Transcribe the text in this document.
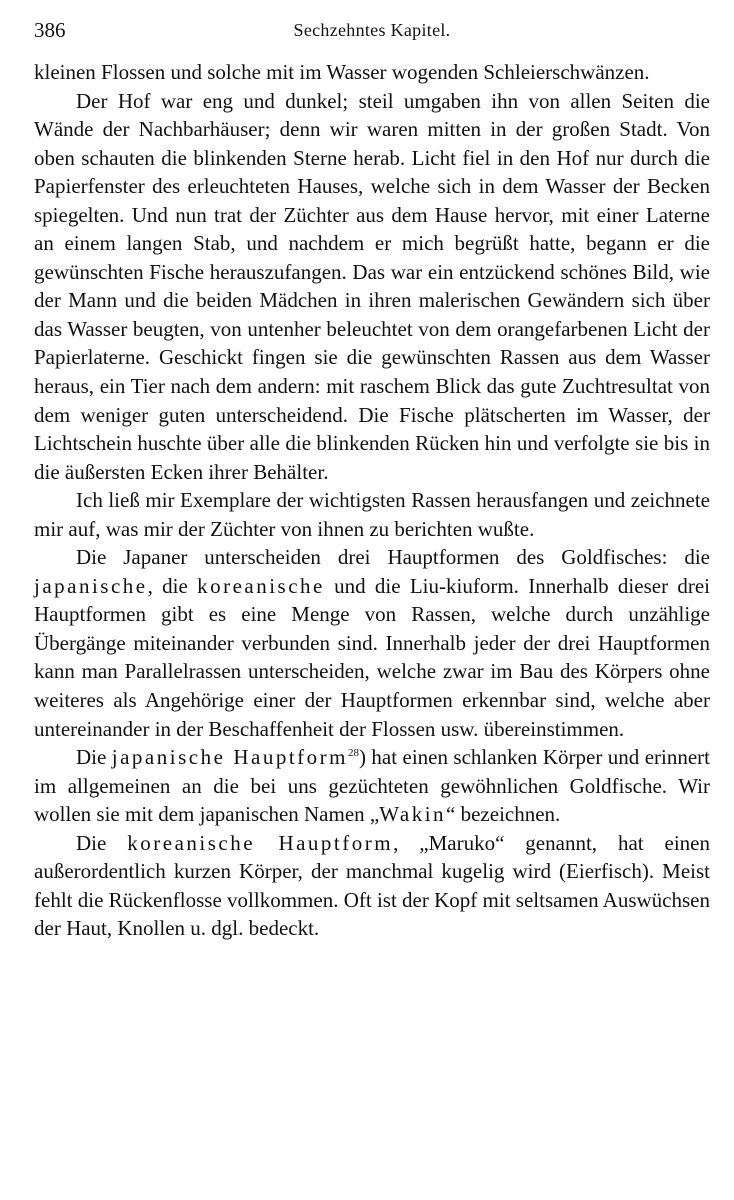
386	Sechzehntes Kapitel.

kleinen Flossen und solche mit im Wasser wogenden Schleierschwänzen.

Der Hof war eng und dunkel; steil umgaben ihn von allen Seiten die Wände der Nachbarhäuser; denn wir waren mitten in der großen Stadt. Von oben schauten die blinkenden Sterne herab. Licht fiel in den Hof nur durch die Papierfenster des erleuchteten Hauses, welche sich in dem Wasser der Becken spiegelten. Und nun trat der Züchter aus dem Hause hervor, mit einer Laterne an einem langen Stab, und nachdem er mich begrüßt hatte, begann er die gewünschten Fische herauszufangen. Das war ein entzückend schönes Bild, wie der Mann und die beiden Mädchen in ihren malerischen Gewändern sich über das Wasser beugten, von untenher beleuchtet von dem orangefarbenen Licht der Papierlaterne. Geschickt fingen sie die gewünschten Rassen aus dem Wasser heraus, ein Tier nach dem andern: mit raschem Blick das gute Zuchtresultat von dem weniger guten unterscheidend. Die Fische plätscherten im Wasser, der Lichtschein huschte über alle die blinkenden Rücken hin und verfolgte sie bis in die äußersten Ecken ihrer Behälter.

Ich ließ mir Exemplare der wichtigsten Rassen herausfangen und zeichnete mir auf, was mir der Züchter von ihnen zu berichten wußte.

Die Japaner unterscheiden drei Hauptformen des Goldfisches: die japanische, die koreanische und die Liu-kiuform. Innerhalb dieser drei Hauptformen gibt es eine Menge von Rassen, welche durch unzählige Übergänge miteinander verbunden sind. Innerhalb jeder der drei Hauptformen kann man Parallelrassen unterscheiden, welche zwar im Bau des Körpers ohne weiteres als Angehörige einer der Hauptformen erkennbar sind, welche aber untereinander in der Beschaffenheit der Flossen usw. übereinstimmen.

Die japanische Hauptform$^{28}$) hat einen schlanken Körper und erinnert im allgemeinen an die bei uns gezüchteten gewöhnlichen Goldfische. Wir wollen sie mit dem japanischen Namen „Wakin“ bezeichnen.

Die koreanische Hauptform, „Maruko“ genannt, hat einen außerordentlich kurzen Körper, der manchmal kugelig wird (Eierfisch). Meist fehlt die Rückenflosse vollkommen. Oft ist der Kopf mit seltsamen Auswüchsen der Haut, Knollen u. dgl. bedeckt.
